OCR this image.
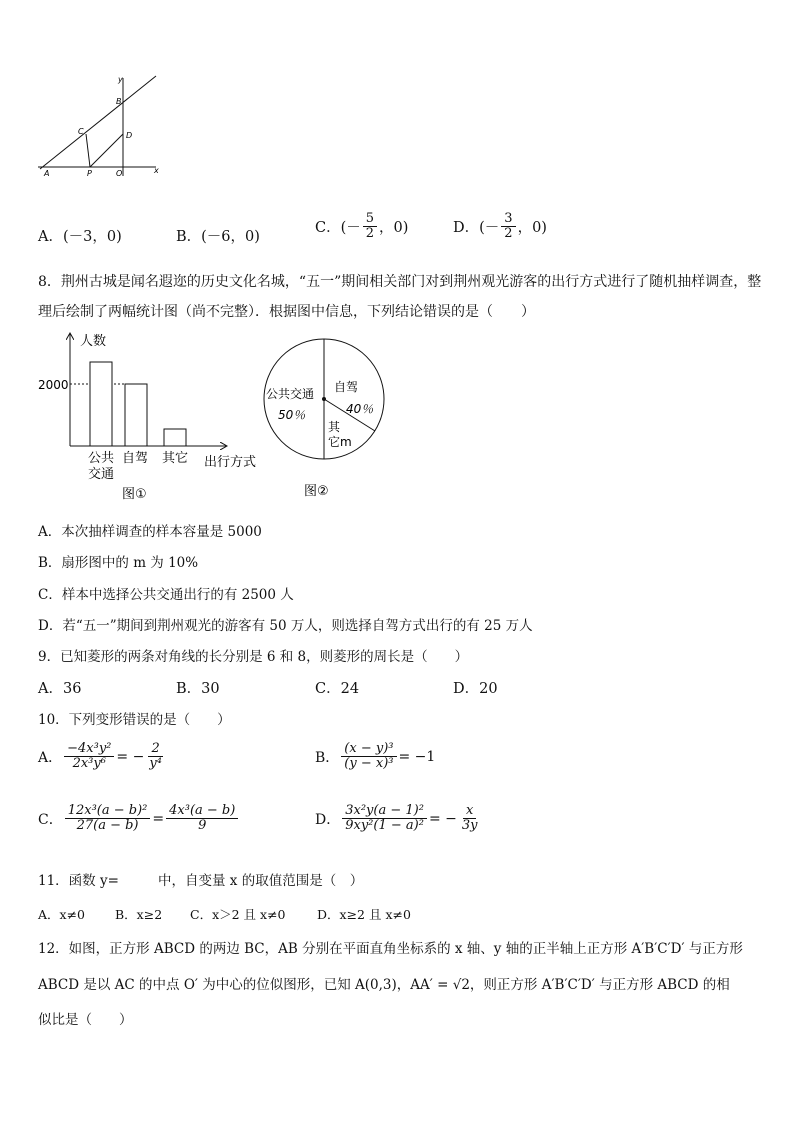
y
x
A	P	O
C	D
B
A．(－3，0)	B．(－6，0)
C．(－ $\frac{5}{2}$ ，0)	D．(－ $\frac{3}{2}$ ，0)
8．荆州古城是闻名遐迩的历史文化名城，“五一”期间相关部门对到荆州观光游客的出行方式进行了随机抽样调查，整
理后绘制了两幅统计图（尚不完整）．根据图中信息，下列结论错误的是（　　）
人数
2000
公共
交通
自驾 其它 出行方式
图①
公共交通
50％
自驾
40％
其
它m
图②
A．本次抽样调查的样本容量是 5000
B．扇形图中的 m 为 10%
C．样本中选择公共交通出行的有 2500 人
D．若“五一”期间到荆州观光的游客有 50 万人，则选择自驾方式出行的有 25 万人
9．已知菱形的两条对角线的长分别是 6 和 8，则菱形的周长是（　　）
A．36	B．30	C．24	D．20
10．下列变形错误的是（　　）
A． $\frac{\text{−4x³y²}}{\text{2x³y⁶}}$ = − $\frac{2}{\text{y⁴}}$	B． $\frac{\text{(x − y)³}}{\text{(y − x)³}} = -1$
C． $\frac{\text{12x³(a − b)²}}{27(a - b)} = \frac{\text{4x³(a − b)}}{9}$	D． $\frac{\text{3x²y(a − 1)²}}{\text{9xy²(1 − a)²}}$ = − $\frac{x}{3y}$
11．函数 y=	中，自变量 x 的取值范围是（　）
A．x≠0 B．x≥2 C．x＞2 且 x≠0	D．x≥2 且 x≠0
12．如图，正方形 ABCD 的两边 BC，AB 分别在平面直角坐标系的 x 轴、y 轴的正半轴上正方形 A′B′C′D′ 与正方形
ABCD 是以 AC 的中点 O′ 为中心的位似图形，已知 A(0,3)，AA′ = √2，则正方形 A′B′C′D′ 与正方形 ABCD 的相
似比是（　　）
